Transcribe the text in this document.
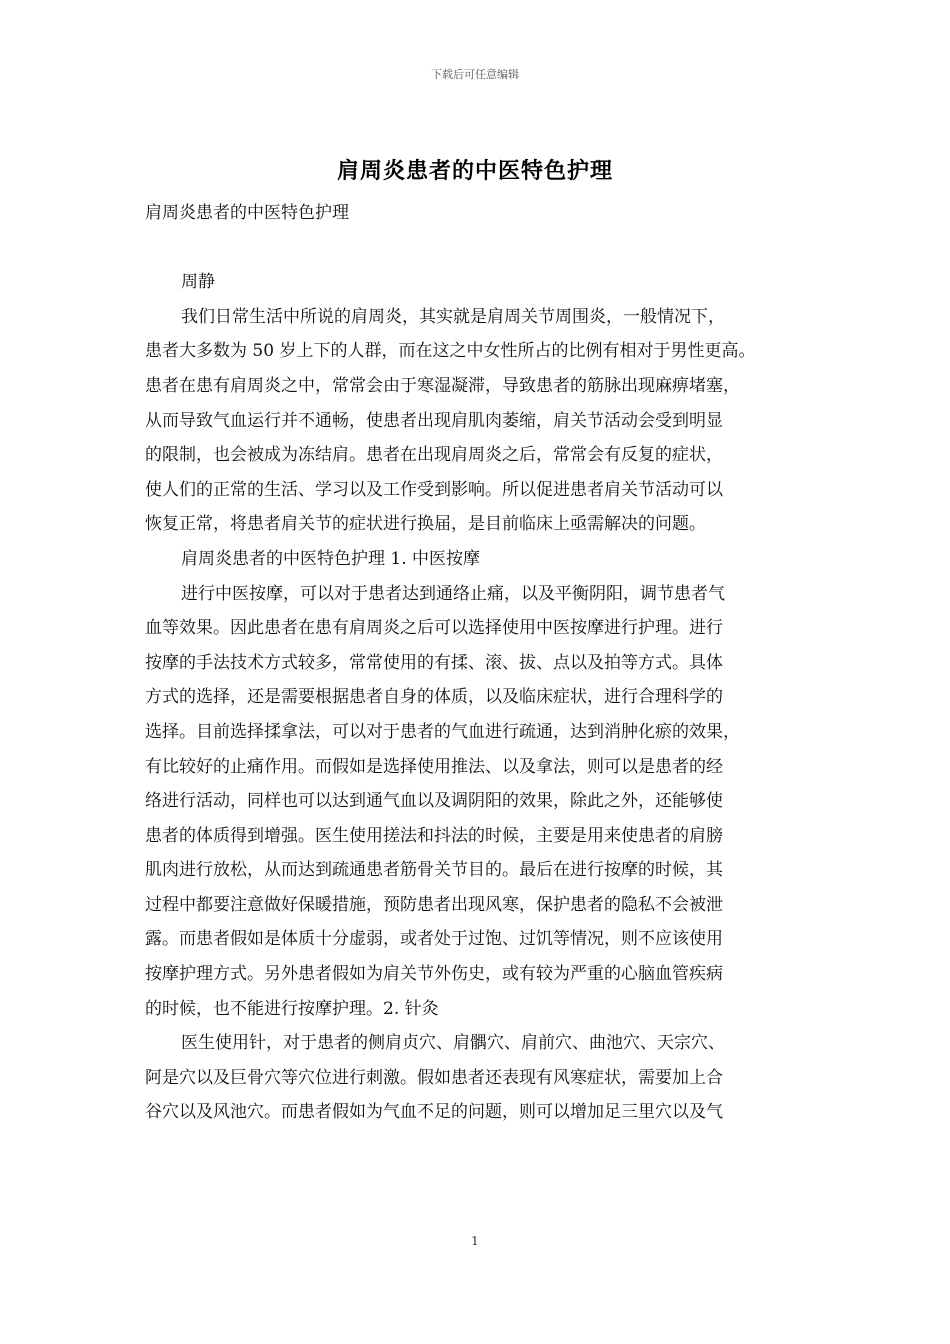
下载后可任意编辑
肩周炎患者的中医特色护理
肩周炎患者的中医特色护理
周静
我们日常生活中所说的肩周炎，其实就是肩周关节周围炎，一般情况下，
患者大多数为 50 岁上下的人群，而在这之中女性所占的比例有相对于男性更高。
患者在患有肩周炎之中，常常会由于寒湿凝滞，导致患者的筋脉出现麻痹堵塞，
从而导致气血运行并不通畅，使患者出现肩肌肉萎缩，肩关节活动会受到明显
的限制，也会被成为冻结肩。患者在出现肩周炎之后，常常会有反复的症状，
使人们的正常的生活、学习以及工作受到影响。所以促进患者肩关节活动可以
恢复正常，将患者肩关节的症状进行换届，是目前临床上亟需解决的问题。
肩周炎患者的中医特色护理 1. 中医按摩
进行中医按摩，可以对于患者达到通络止痛，以及平衡阴阳，调节患者气
血等效果。因此患者在患有肩周炎之后可以选择使用中医按摩进行护理。进行
按摩的手法技术方式较多，常常使用的有揉、滚、拔、点以及拍等方式。具体
方式的选择，还是需要根据患者自身的体质，以及临床症状，进行合理科学的
选择。目前选择揉拿法，可以对于患者的气血进行疏通，达到消肿化瘀的效果，
有比较好的止痛作用。而假如是选择使用推法、以及拿法，则可以是患者的经
络进行活动，同样也可以达到通气血以及调阴阳的效果，除此之外，还能够使
患者的体质得到增强。医生使用搓法和抖法的时候，主要是用来使患者的肩膀
肌肉进行放松，从而达到疏通患者筋骨关节目的。最后在进行按摩的时候，其
过程中都要注意做好保暖措施，预防患者出现风寒，保护患者的隐私不会被泄
露。而患者假如是体质十分虚弱，或者处于过饱、过饥等情况，则不应该使用
按摩护理方式。另外患者假如为肩关节外伤史，或有较为严重的心脑血管疾病
的时候，也不能进行按摩护理。2. 针灸
医生使用针，对于患者的侧肩贞穴、肩髃穴、肩前穴、曲池穴、天宗穴、
阿是穴以及巨骨穴等穴位进行刺激。假如患者还表现有风寒症状，需要加上合
谷穴以及风池穴。而患者假如为气血不足的问题，则可以增加足三里穴以及气
1
